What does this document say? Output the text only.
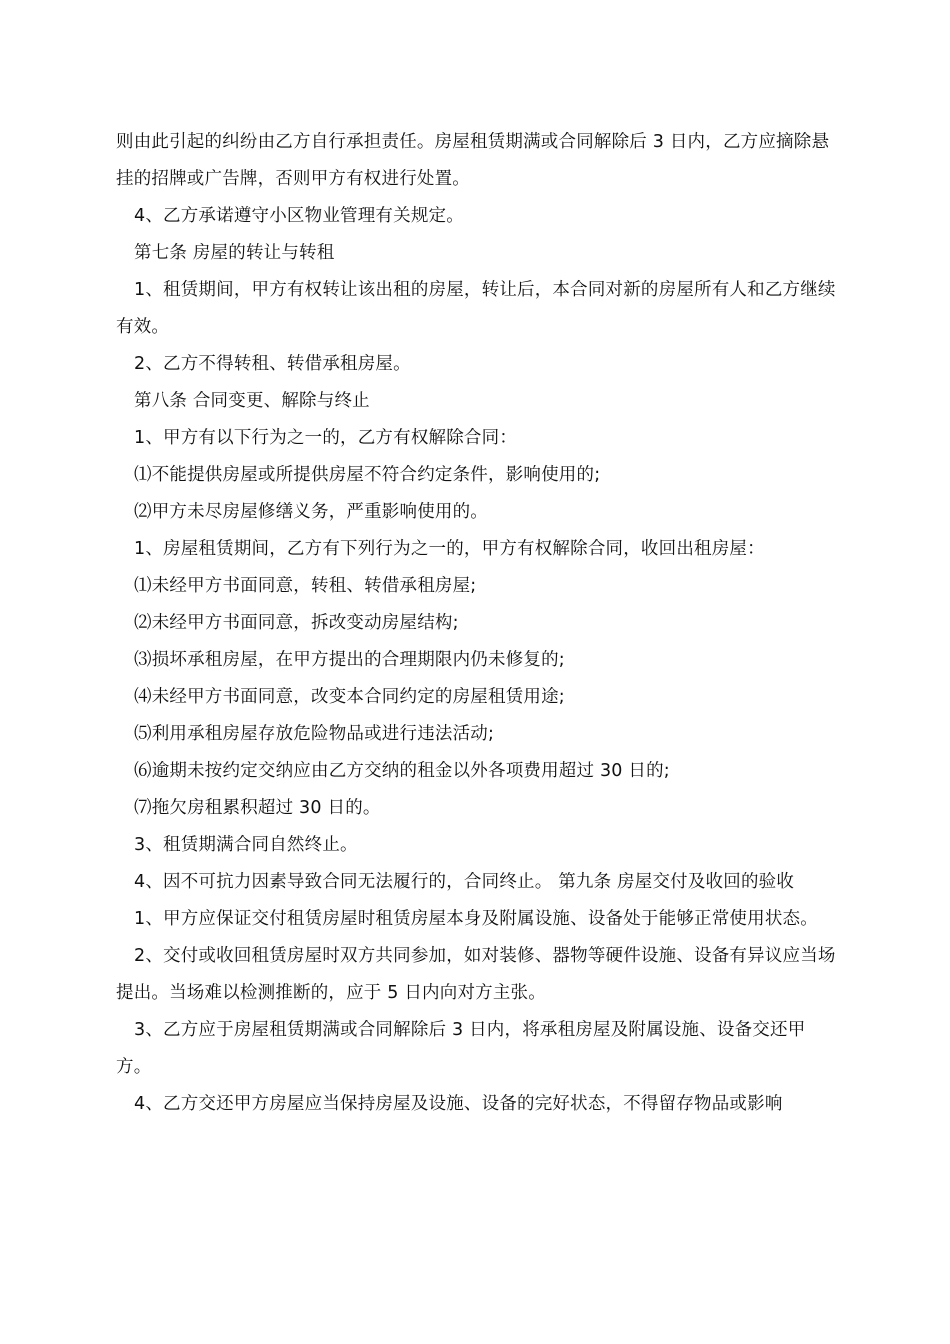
则由此引起的纠纷由乙方自行承担责任。房屋租赁期满或合同解除后 3 日内，乙方应摘除悬挂的招牌或广告牌，否则甲方有权进行处置。

4、乙方承诺遵守小区物业管理有关规定。

第七条 房屋的转让与转租

1、租赁期间，甲方有权转让该出租的房屋，转让后，本合同对新的房屋所有人和乙方继续有效。

2、乙方不得转租、转借承租房屋。

第八条 合同变更、解除与终止

1、甲方有以下行为之一的，乙方有权解除合同：

⑴不能提供房屋或所提供房屋不符合约定条件，影响使用的;

⑵甲方未尽房屋修缮义务，严重影响使用的。

1、房屋租赁期间，乙方有下列行为之一的，甲方有权解除合同，收回出租房屋：

⑴未经甲方书面同意，转租、转借承租房屋;

⑵未经甲方书面同意，拆改变动房屋结构;

⑶损坏承租房屋，在甲方提出的合理期限内仍未修复的;

⑷未经甲方书面同意，改变本合同约定的房屋租赁用途;

⑸利用承租房屋存放危险物品或进行违法活动;

⑹逾期未按约定交纳应由乙方交纳的租金以外各项费用超过 30 日的;

⑺拖欠房租累积超过 30 日的。

3、租赁期满合同自然终止。

4、因不可抗力因素导致合同无法履行的，合同终止。 第九条 房屋交付及收回的验收

1、甲方应保证交付租赁房屋时租赁房屋本身及附属设施、设备处于能够正常使用状态。

2、交付或收回租赁房屋时双方共同参加，如对装修、器物等硬件设施、设备有异议应当场提出。当场难以检测推断的，应于 5 日内向对方主张。

3、乙方应于房屋租赁期满或合同解除后 3 日内，将承租房屋及附属设施、设备交还甲方。

4、乙方交还甲方房屋应当保持房屋及设施、设备的完好状态，不得留存物品或影响
